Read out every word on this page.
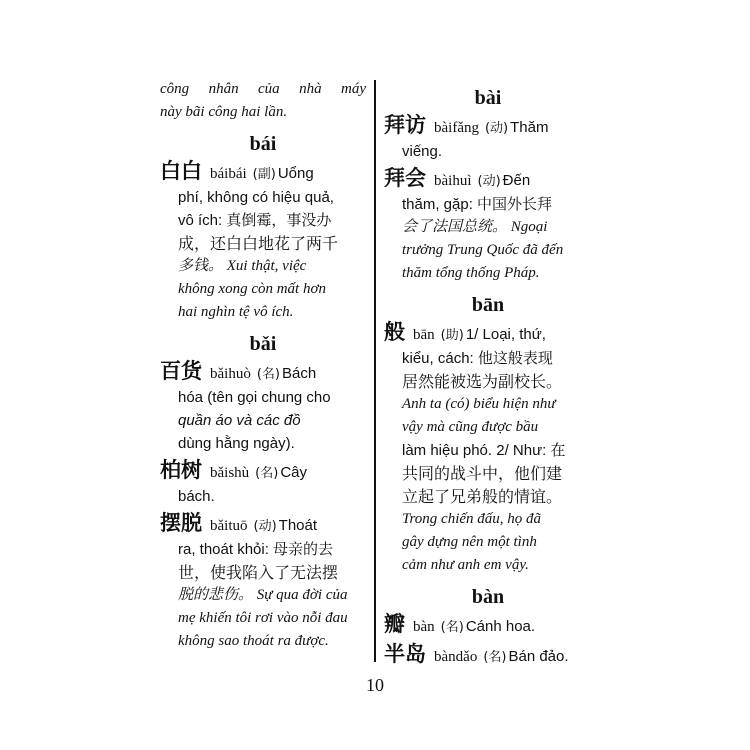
công nhân của nhà máy
này bãi công hai lần.
bái
白白 báibái (副) Uổng
phí, không có hiệu quả,
vô ích: 真倒霉，事没办
成，还白白地花了两千
多钱。 Xui thật, việc
không xong còn mất hơn
hai nghìn tệ vô ích.
bǎi
百货 bǎihuò (名) Bách
hóa (tên gọi chung cho
quần áo và các đồ
dùng hằng ngày).
柏树 bǎishù (名) Cây
bách.
摆脱 bǎituō (动) Thoát
ra, thoát khỏi: 母亲的去
世，使我陷入了无法摆
脱的悲伤。 Sự qua đời của
mẹ khiến tôi rơi vào nỗi đau
không sao thoát ra được.
bài
拜访 bàifǎng (动) Thăm
viếng.
拜会 bàihuì (动) Đến
thăm, gặp: 中国外长拜
会了法国总统。 Ngoại
trưởng Trung Quốc đã đến
thăm tổng thống Pháp.
bān
般 bān (助) 1/ Loại, thứ,
kiểu, cách: 他这般表现
居然能被选为副校长。
Anh ta (có) biểu hiện như
vậy mà cũng được bầu
làm hiệu phó. 2/ Như: 在
共同的战斗中，他们建
立起了兄弟般的情谊。
Trong chiến đấu, họ đã
gây dựng nên một tình
cảm như anh em vậy.
bàn
瓣 bàn (名) Cánh hoa.
半岛 bàndǎo (名) Bán đảo.
10
